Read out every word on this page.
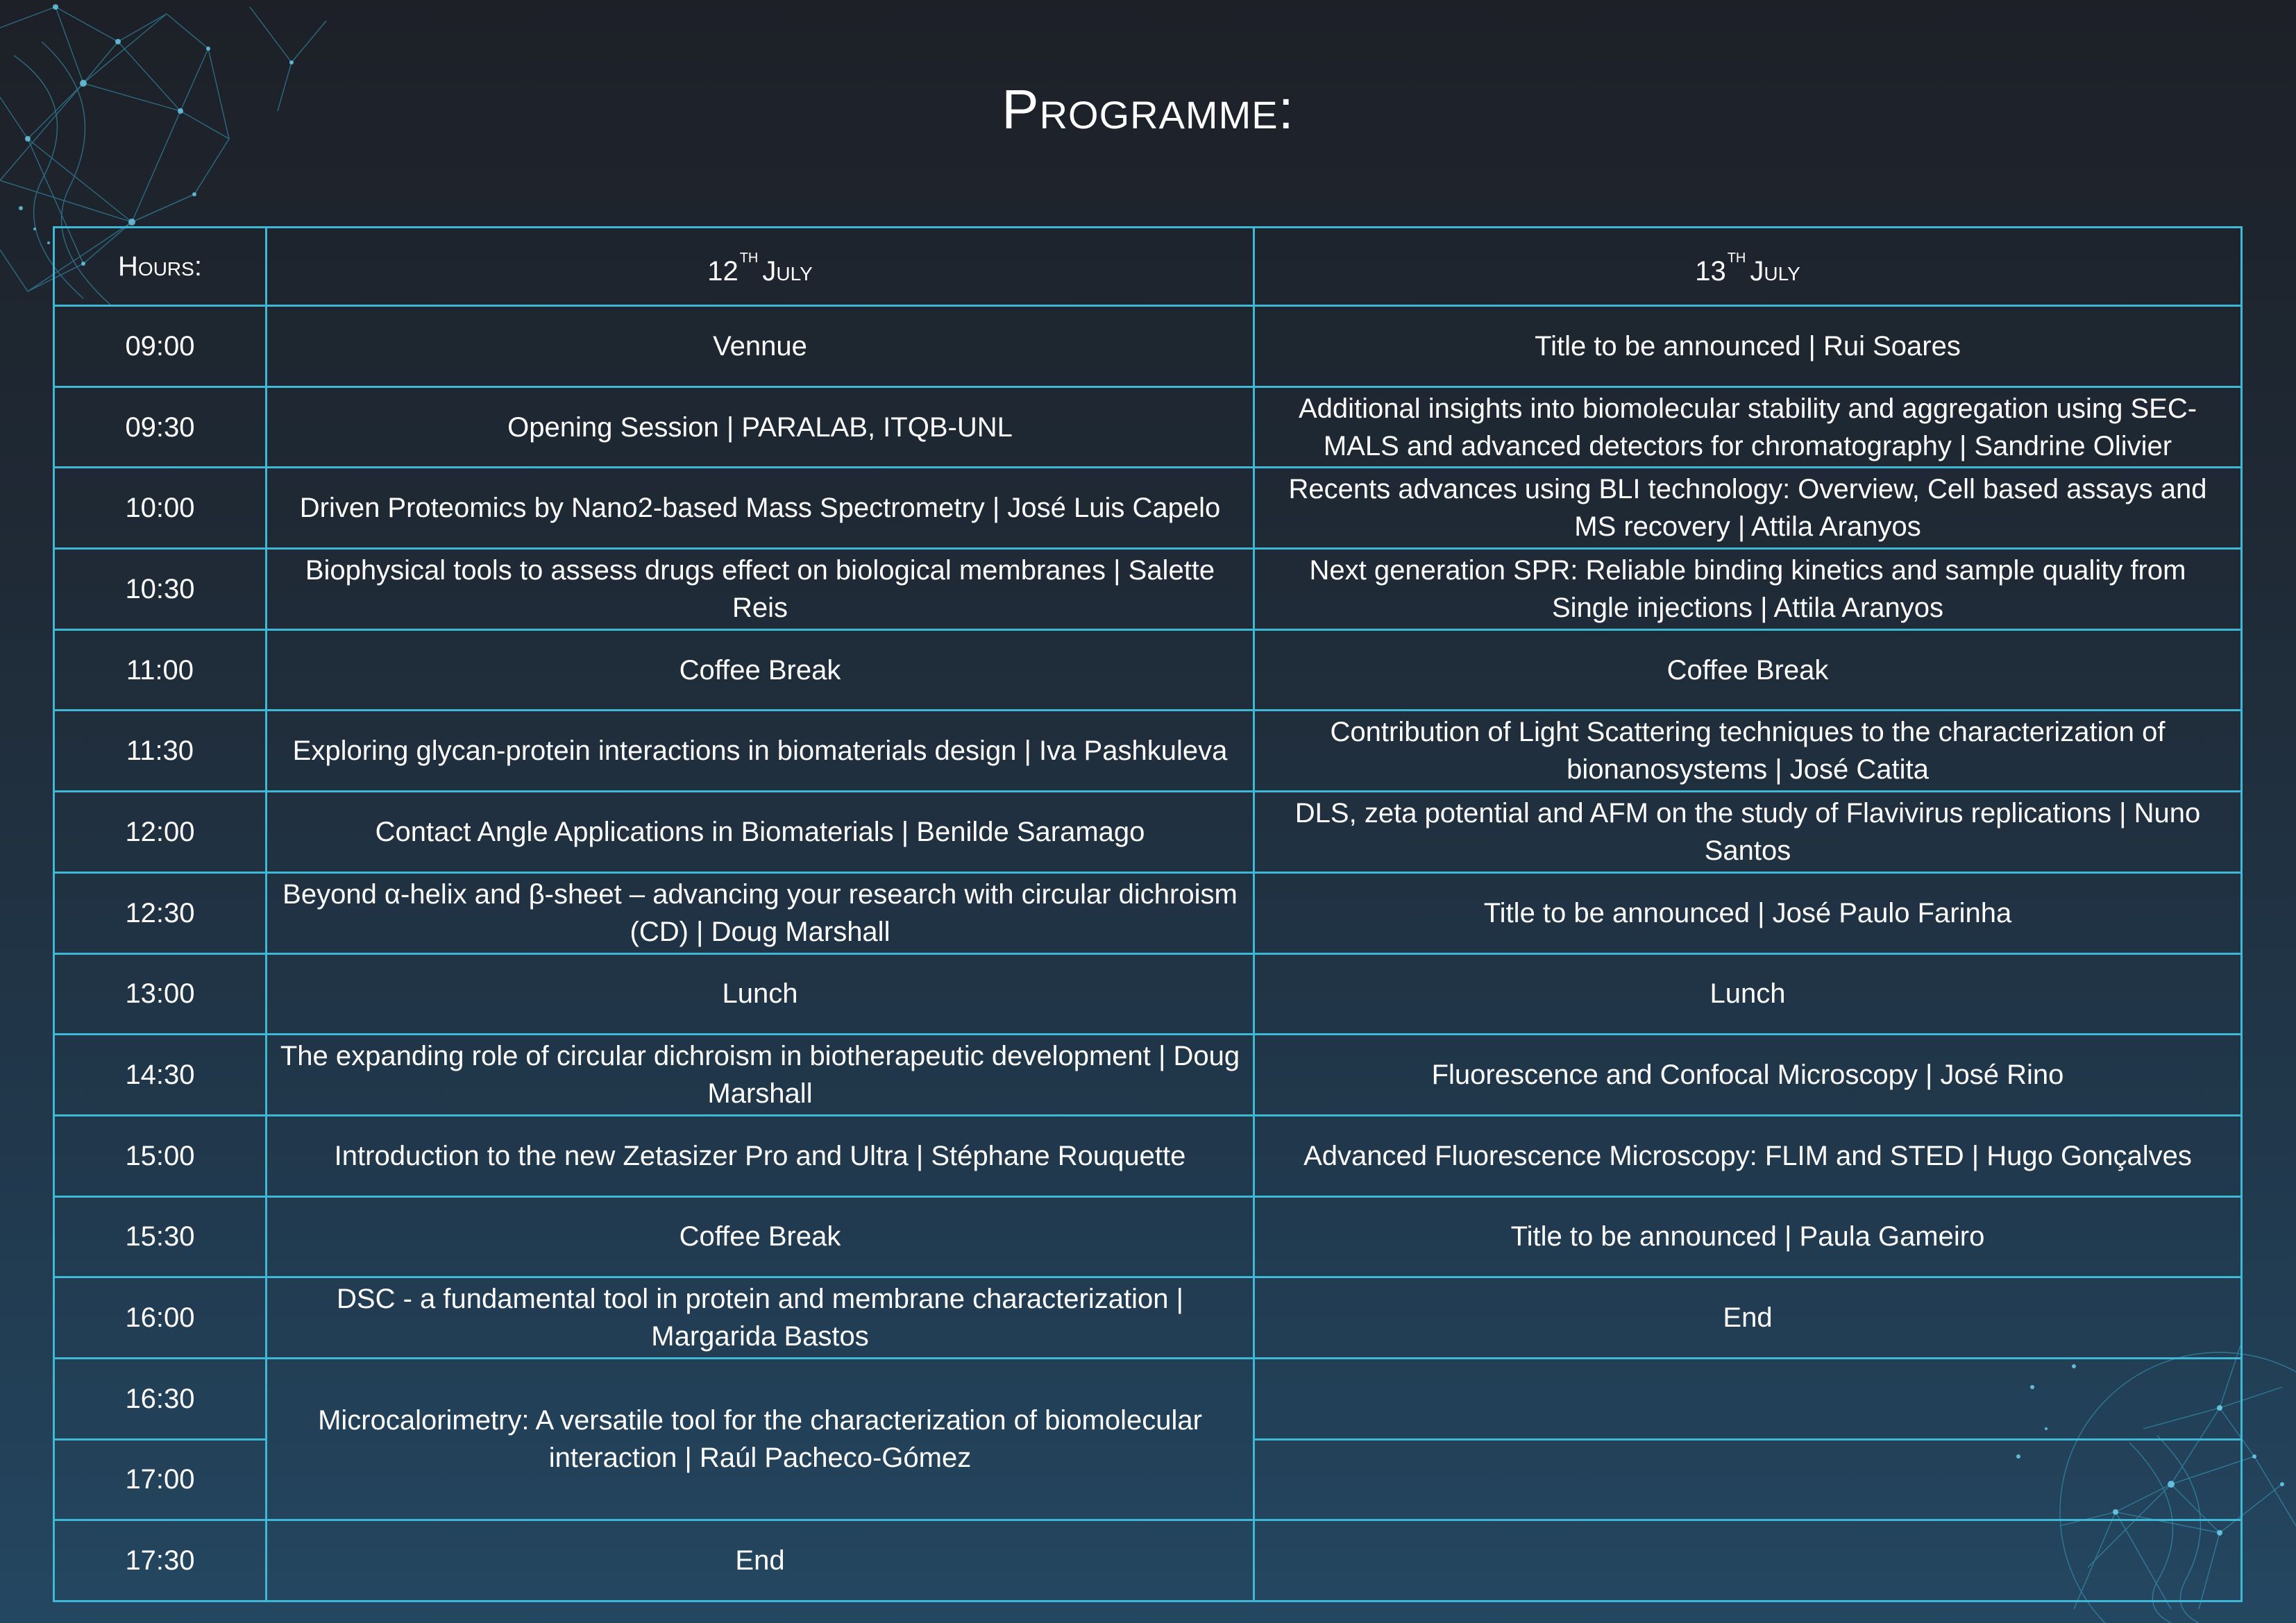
Programme:
Hours:	12thJuly	13thJuly
09:00	Vennue	Title to be announced | Rui Soares
09:30	Opening Session | PARALAB, ITQB-UNL	Additional insights into biomolecular stability and aggregation using SEC-MALS and advanced detectors for chromatography | Sandrine Olivier
10:00	Driven Proteomics by Nano2-based Mass Spectrometry | José Luis Capelo	Recents advances using BLI technology: Overview, Cell based assays and MS recovery | Attila Aranyos
10:30	Biophysical tools to assess drugs effect on biological membranes | Salette Reis	Next generation SPR: Reliable binding kinetics and sample quality from Single injections | Attila Aranyos
11:00	Coffee Break	Coffee Break
11:30	Exploring glycan-protein interactions in biomaterials design | Iva Pashkuleva	Contribution of Light Scattering techniques to the characterization of bionanosystems | José Catita
12:00	Contact Angle Applications in Biomaterials | Benilde Saramago	DLS, zeta potential and AFM on the study of Flavivirus replications | Nuno Santos
12:30	Beyond α-helix and β-sheet – advancing your research with circular dichroism (CD) | Doug Marshall	Title to be announced | José Paulo Farinha
13:00	Lunch	Lunch
14:30	The expanding role of circular dichroism in biotherapeutic development | Doug Marshall	Fluorescence and Confocal Microscopy | José Rino
15:00	Introduction to the new Zetasizer Pro and Ultra | Stéphane Rouquette	Advanced Fluorescence Microscopy: FLIM and STED | Hugo Gonçalves
15:30	Coffee Break	Title to be announced | Paula Gameiro
16:00	DSC - a fundamental tool in protein and membrane characterization | Margarida Bastos	End
16:30	Microcalorimetry: A versatile tool for the characterization of biomolecular interaction | Raúl Pacheco-Gómez	
17:00		
17:30	End	
